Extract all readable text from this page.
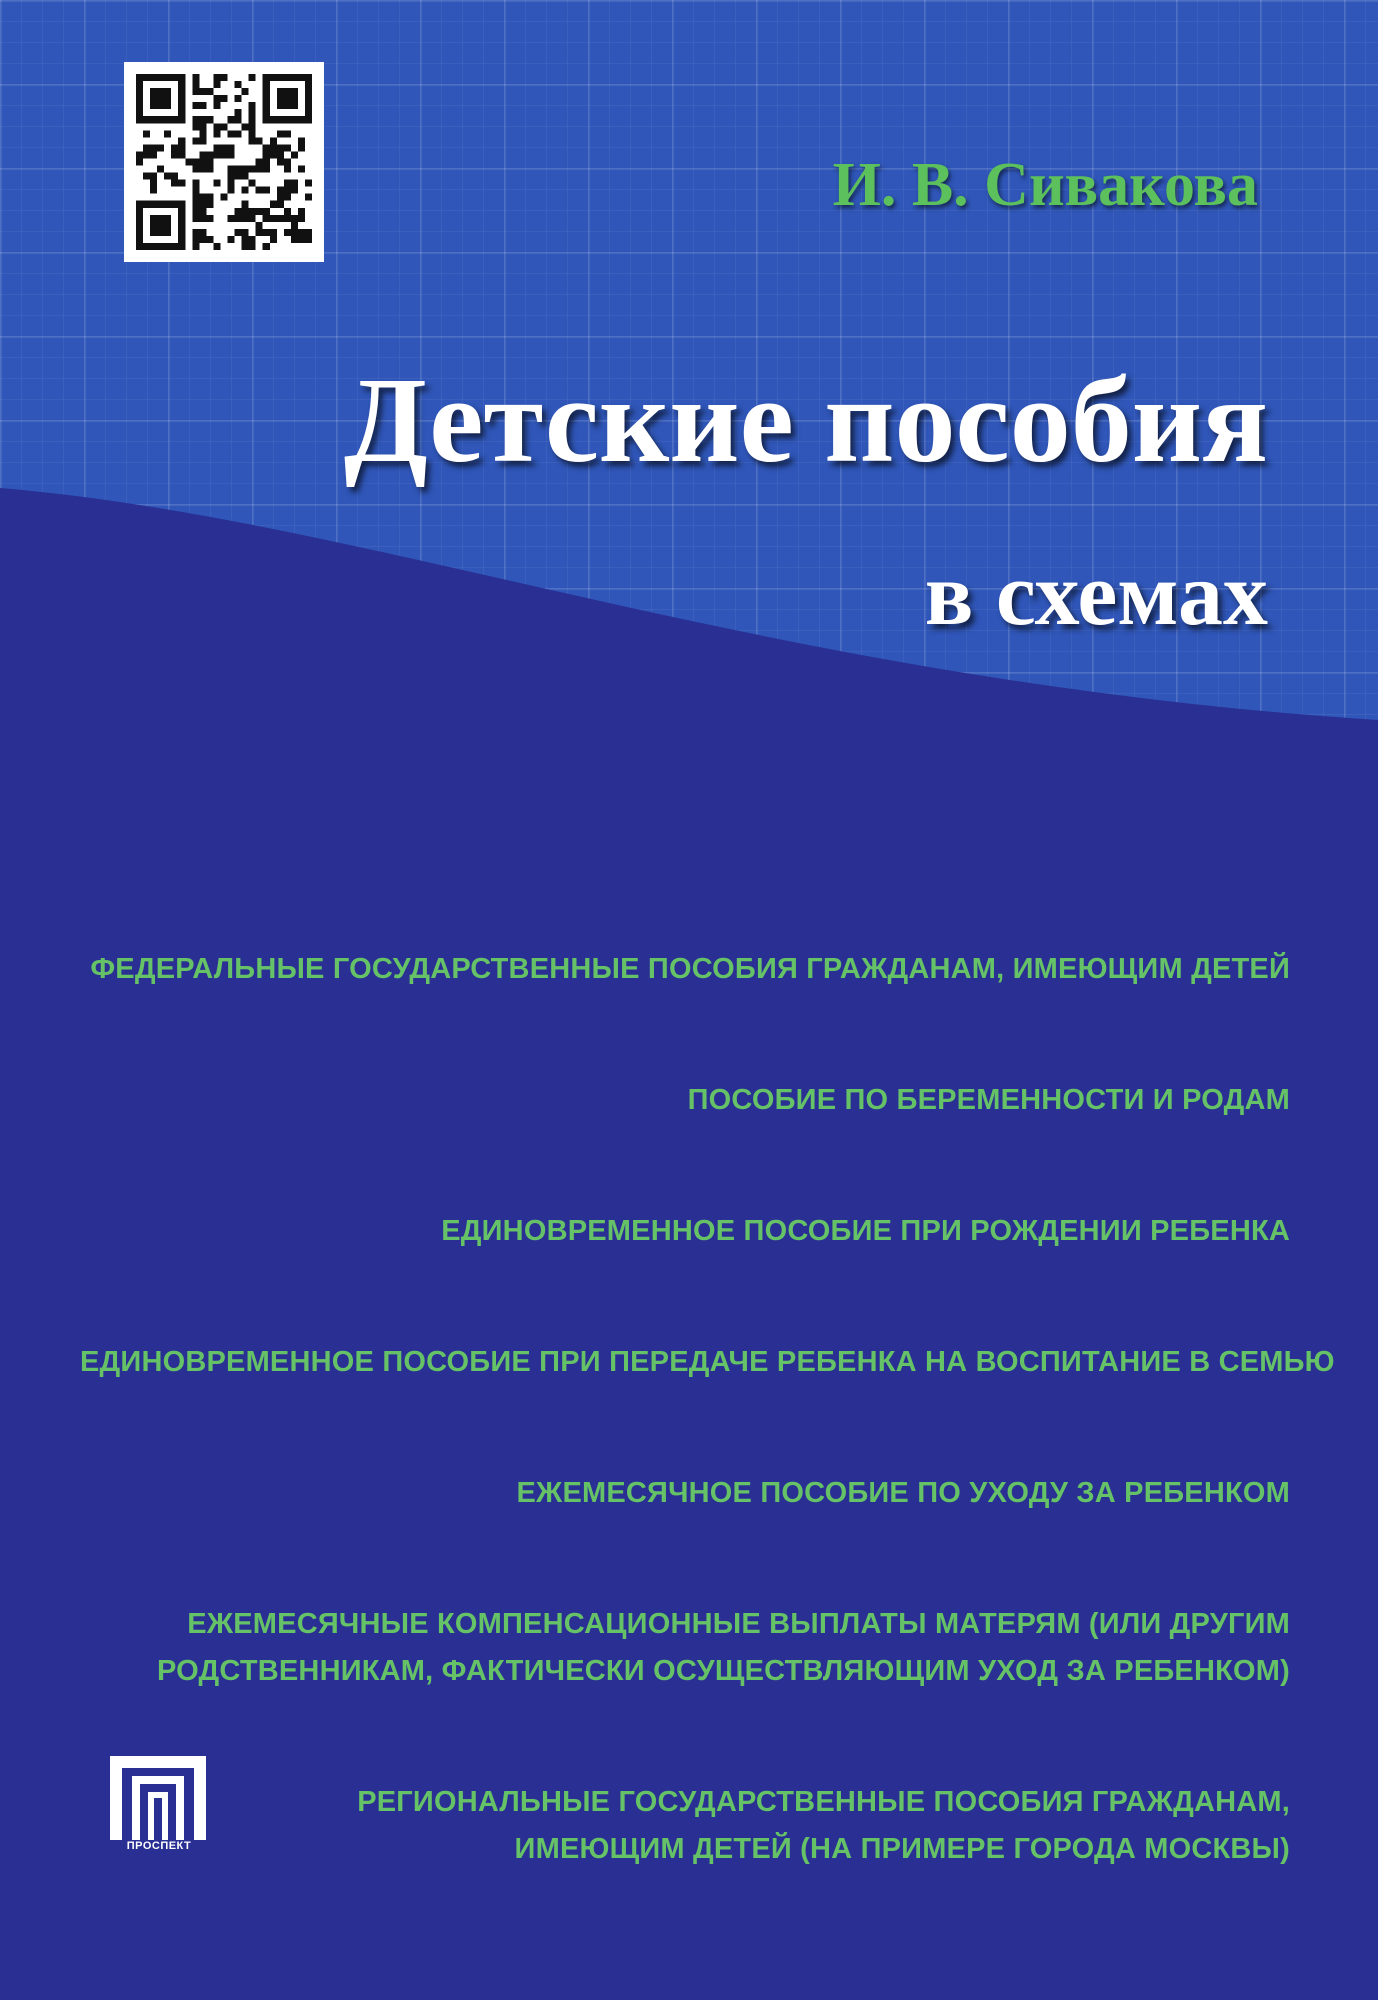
И. В. Сивакова
Детские пособия
в схемах

ФЕДЕРАЛЬНЫЕ ГОСУДАРСТВЕННЫЕ ПОСОБИЯ ГРАЖДАНАМ, ИМЕЮЩИМ ДЕТЕЙ

ПОСОБИЕ ПО БЕРЕМЕННОСТИ И РОДАМ

ЕДИНОВРЕМЕННОЕ ПОСОБИЕ ПРИ РОЖДЕНИИ РЕБЕНКА

ЕДИНОВРЕМЕННОЕ ПОСОБИЕ ПРИ ПЕРЕДАЧЕ РЕБЕНКА НА ВОСПИТАНИЕ В СЕМЬЮ

ЕЖЕМЕСЯЧНОЕ ПОСОБИЕ ПО УХОДУ ЗА РЕБЕНКОМ

ЕЖЕМЕСЯЧНЫЕ КОМПЕНСАЦИОННЫЕ ВЫПЛАТЫ МАТЕРЯМ (ИЛИ ДРУГИМ
РОДСТВЕННИКАМ, ФАКТИЧЕСКИ ОСУЩЕСТВЛЯЮЩИМ УХОД ЗА РЕБЕНКОМ)

РЕГИОНАЛЬНЫЕ ГОСУДАРСТВЕННЫЕ ПОСОБИЯ ГРАЖДАНАМ,
ИМЕЮЩИМ ДЕТЕЙ (НА ПРИМЕРЕ ГОРОДА МОСКВЫ)

ПРОСПЕКТ
